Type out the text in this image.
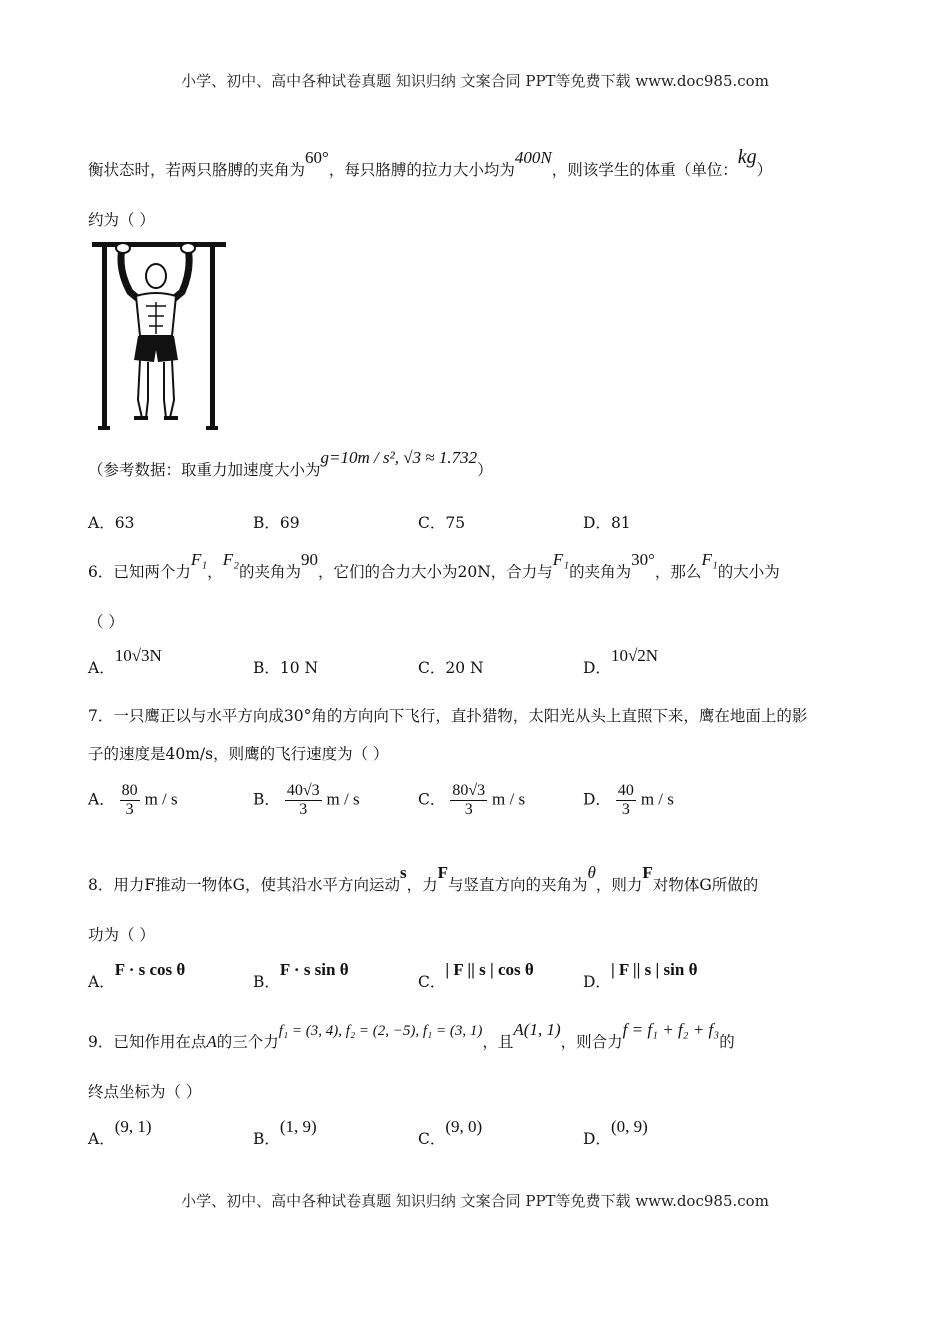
小学、初中、高中各种试卷真题 知识归纳 文案合同 PPT等免费下载 www.doc985.com
衡状态时，若两只胳膊的夹角为60°，每只胳膊的拉力大小均为400N，则该学生的体重（单位：kg）
约为（ ）
（参考数据：取重力加速度大小为g=10m / s², √3 ≈ 1.732）
A．63	B．69	C．75	D．81
6．已知两个力F₁，F₂的夹角为90，它们的合力大小为20N，合力与F₁的夹角为30°，那么F₁的大小为
（ ）
A．10√3N
B．10 N	C．20 N	D．10√2N
7．一只鹰正以与水平方向成30°角的方向向下飞行，直扑猎物，太阳光从头上直照下来，鹰在地面上的影
子的速度是40m/s，则鹰的飞行速度为（ ）
A． $\frac{80}{3}$ m / s	B． $\frac{40√3}{3}$ m / s	C． $\frac{80√3}{3}$ m / s	D． $\frac{40}{3}$ m / s
8．用力F推动一物体G，使其沿水平方向运动s，力F与竖直方向的夹角为θ，则力F对物体G所做的
功为（ ）
A．F · s cos θ
B．F · s sin θ
C．| F || s | cos θ
D．| F || s | sin θ
9．已知作用在点A的三个力f₁ = (3, 4), f₂ = (2, −5), f₁ = (3, 1)，且A(1, 1)，则合力f = f₁ + f₂ + f₃的
终点坐标为（ ）
A．(9, 1)
B．(1, 9)
C．(9, 0)
D．(0, 9)
小学、初中、高中各种试卷真题 知识归纳 文案合同 PPT等免费下载 www.doc985.com
